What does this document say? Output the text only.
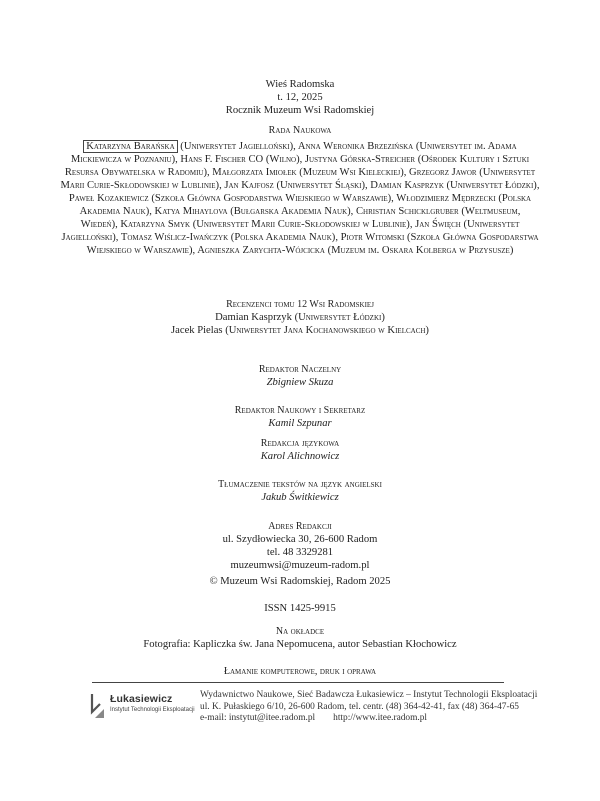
Wieś Radomska
t. 12, 2025
Rocznik Muzeum Wsi Radomskiej
Rada Naukowa
Katarzyna Barańska (Uniwersytet Jagielloński), Anna Weronika Brzezińska (Uniwersytet im. Adama Mickiewicza w Poznaniu), Hans F. Fischer CO (Wilno), Justyna Górska-Streicher (Ośrodek Kultury i Sztuki Resursa Obywatelska w Radomiu), Małgorzata Imiołek (Muzeum Wsi Kieleckiej), Grzegorz Jawor (Uniwersytet Marii Curie-Skłodowskiej w Lublinie), Jan Kajfosz (Uniwersytet Śląski), Damian Kasprzyk (Uniwersytet Łódzki), Paweł Kozakiewicz (Szkoła Główna Gospodarstwa Wiejskiego w Warszawie), Włodzimierz Mędrzecki (Polska Akademia Nauk), Katya Mihaylova (Bułgarska Akademia Nauk), Christian Schicklgruber (Weltmuseum, Wiedeń), Katarzyna Smyk (Uniwersytet Marii Curie-Skłodowskiej w Lublinie), Jan Święch (Uniwersytet Jagielloński), Tomasz Wiślicz-Iwańczyk (Polska Akademia Nauk), Piotr Witomski (Szkoła Główna Gospodarstwa Wiejskiego w Warszawie), Agnieszka Zarychta-Wójcicka (Muzeum im. Oskara Kolberga w Przysusze)
Recenzenci tomu 12 Wsi Radomskiej
Damian Kasprzyk (Uniwersytet Łódzki)
Jacek Pielas (Uniwersytet Jana Kochanowskiego w Kielcach)
Redaktor Naczelny
Zbigniew Skuza
Redaktor Naukowy i Sekretarz
Kamil Szpunar
Redakcja językowa
Karol Alichnowicz
Tłumaczenie tekstów na język angielski
Jakub Świtkiewicz
Adres Redakcji
ul. Szydłowiecka 30, 26-600 Radom
tel. 48 3329281
muzeumwsi@muzeum-radom.pl
© Muzeum Wsi Radomskiej, Radom 2025
ISSN 1425-9915
Na okładce
Fotografia: Kapliczka św. Jana Nepomucena, autor Sebastian Kłochowicz
Łamanie komputerowe, druk i oprawa
Łukasiewicz
Instytut Technologii Eksploatacji
Wydawnictwo Naukowe, Sieć Badawcza Łukasiewicz – Instytut Technologii Eksploatacji
ul. K. Pułaskiego 6/10, 26-600 Radom, tel. centr. (48) 364-42-41, fax (48) 364-47-65
e-mail: instytut@itee.radom.pl http://www.itee.radom.pl
